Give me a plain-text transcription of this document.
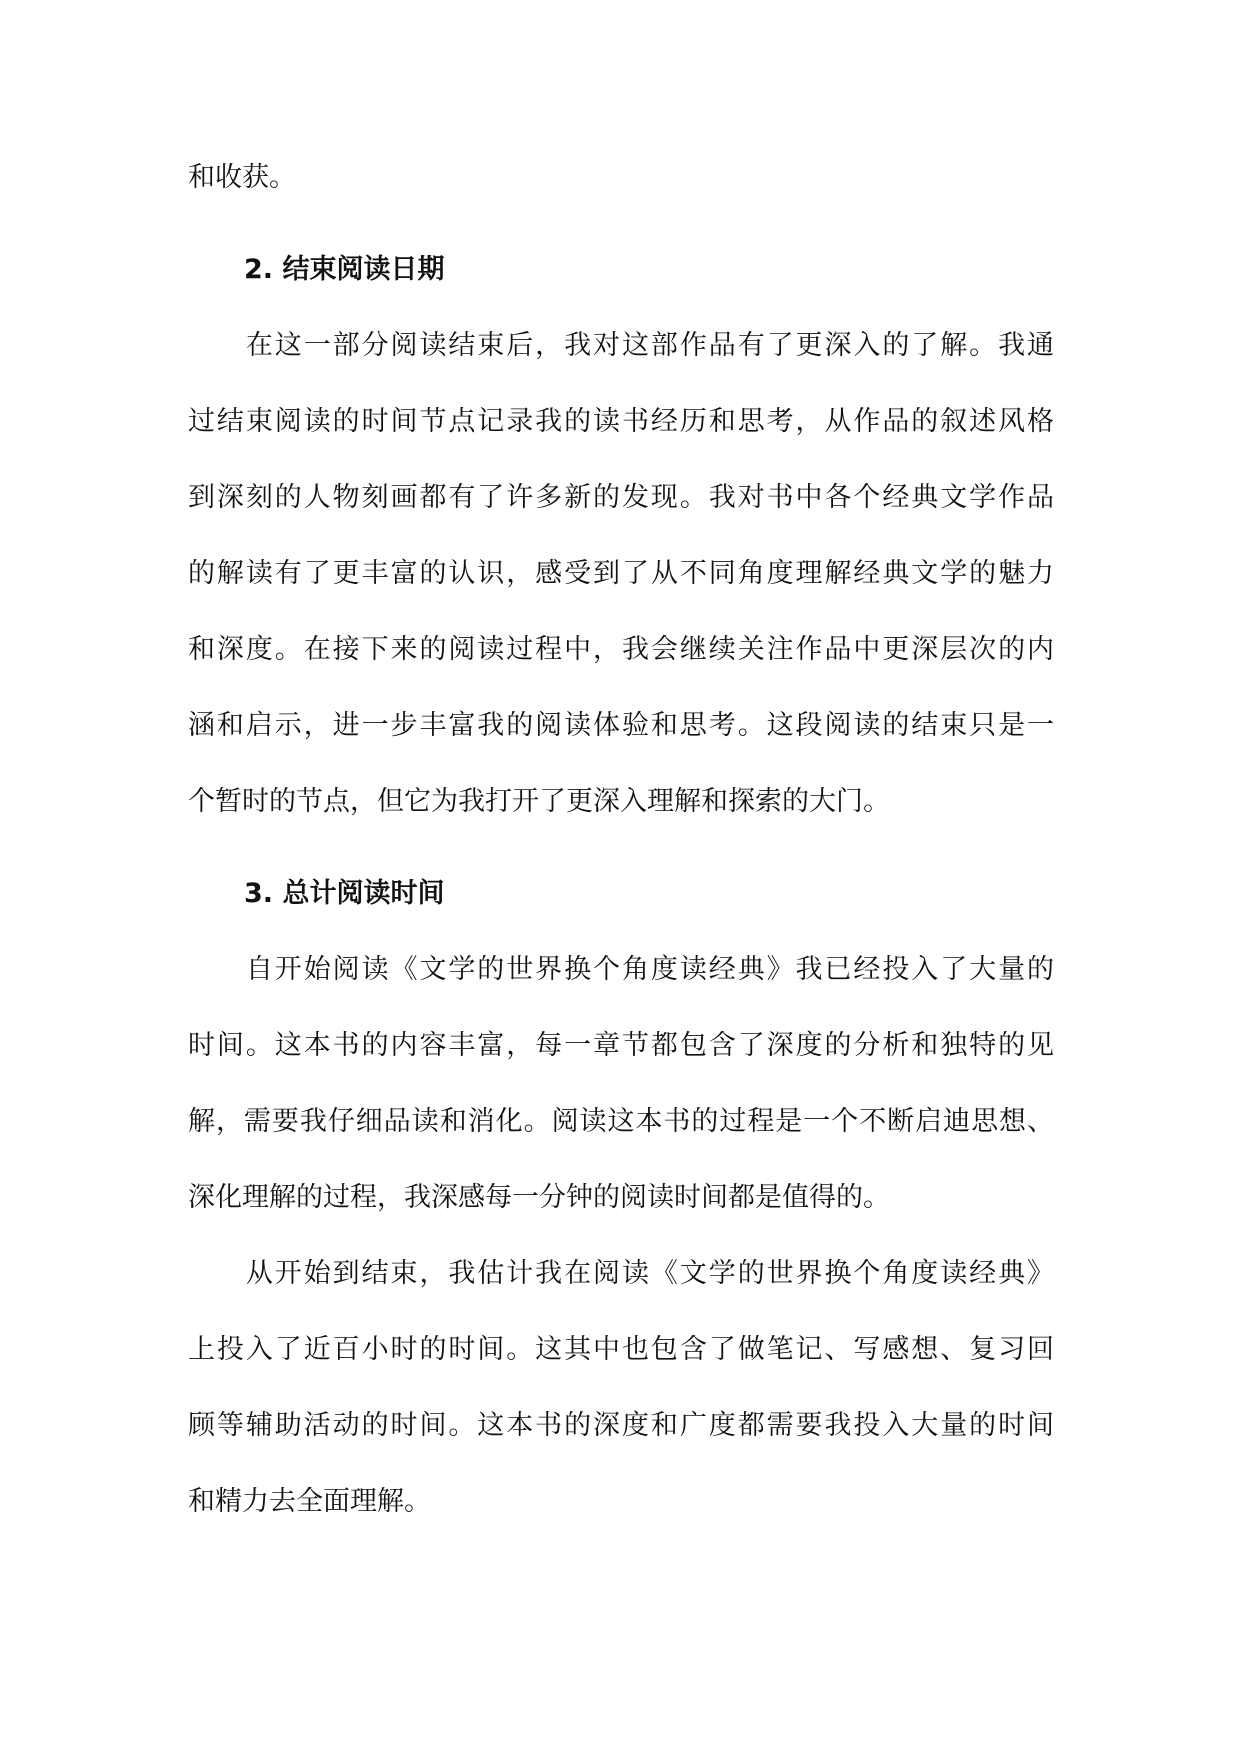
和收获。
2. 结束阅读日期
　　在这一部分阅读结束后，我对这部作品有了更深入的了解。我通
过结束阅读的时间节点记录我的读书经历和思考，从作品的叙述风格
到深刻的人物刻画都有了许多新的发现。我对书中各个经典文学作品
的解读有了更丰富的认识，感受到了从不同角度理解经典文学的魅力
和深度。在接下来的阅读过程中，我会继续关注作品中更深层次的内
涵和启示，进一步丰富我的阅读体验和思考。这段阅读的结束只是一
个暂时的节点，但它为我打开了更深入理解和探索的大门。
3. 总计阅读时间
　　自开始阅读《文学的世界换个角度读经典》我已经投入了大量的
时间。这本书的内容丰富，每一章节都包含了深度的分析和独特的见
解，需要我仔细品读和消化。阅读这本书的过程是一个不断启迪思想、
深化理解的过程，我深感每一分钟的阅读时间都是值得的。
　　从开始到结束，我估计我在阅读《文学的世界换个角度读经典》
上投入了近百小时的时间。这其中也包含了做笔记、写感想、复习回
顾等辅助活动的时间。这本书的深度和广度都需要我投入大量的时间
和精力去全面理解。
